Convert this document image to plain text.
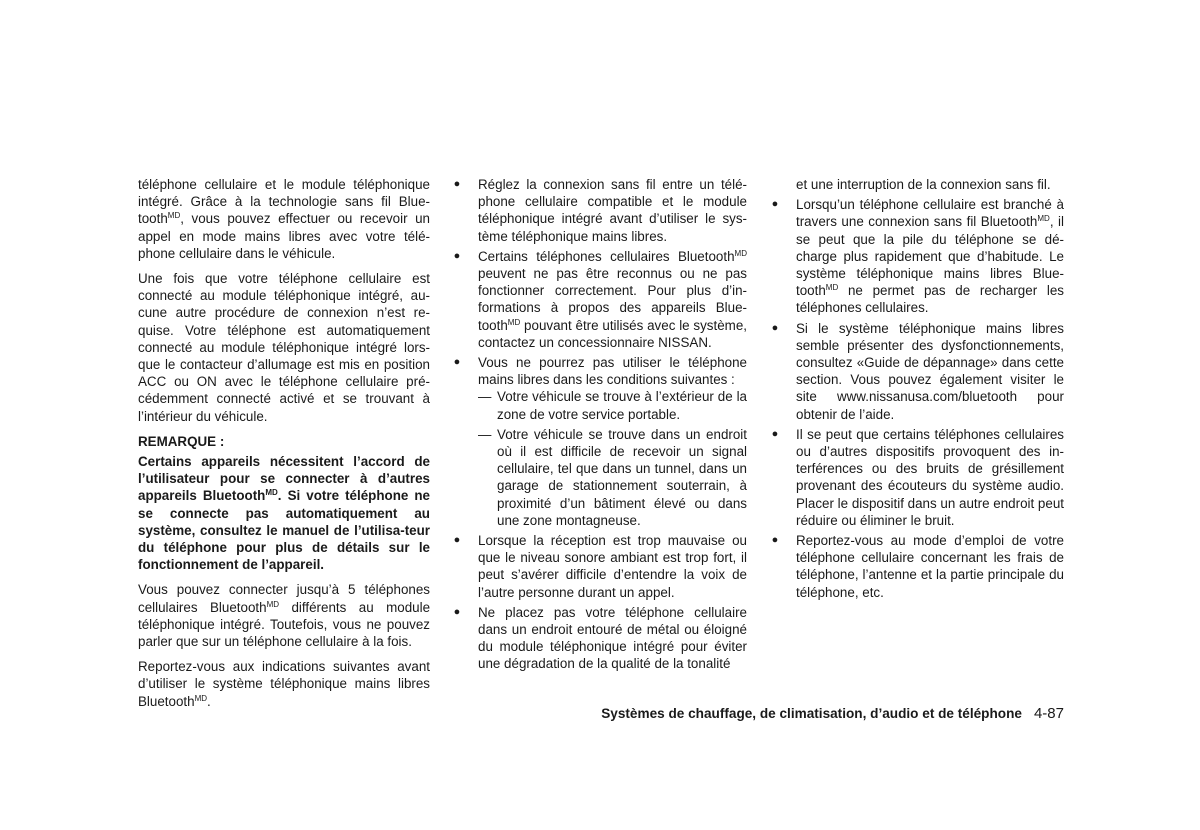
téléphone cellulaire et le module téléphonique intégré. Grâce à la technologie sans fil Blue-tooth$^{MD}$, vous pouvez effectuer ou recevoir un appel en mode mains libres avec votre télé-phone cellulaire dans le véhicule.

Une fois que votre téléphone cellulaire est connecté au module téléphonique intégré, au-cune autre procédure de connexion n’est re-quise. Votre téléphone est automatiquement connecté au module téléphonique intégré lors-que le contacteur d’allumage est mis en position ACC ou ON avec le téléphone cellulaire pré-cédemment connecté activé et se trouvant à l’intérieur du véhicule.

REMARQUE :
Certains appareils nécessitent l’accord de l’utilisateur pour se connecter à d’autres appareils Bluetooth$^{MD}$. Si votre téléphone ne se connecte pas automatiquement au système, consultez le manuel de l’utilisa-teur du téléphone pour plus de détails sur le fonctionnement de l’appareil.

Vous pouvez connecter jusqu’à 5 téléphones cellulaires Bluetooth$^{MD}$ différents au module téléphonique intégré. Toutefois, vous ne pouvez parler que sur un téléphone cellulaire à la fois.

Reportez-vous aux indications suivantes avant d’utiliser le système téléphonique mains libres Bluetooth$^{MD}$.

● Réglez la connexion sans fil entre un télé-phone cellulaire compatible et le module téléphonique intégré avant d’utiliser le sys-tème téléphonique mains libres.
● Certains téléphones cellulaires Bluetooth$^{MD}$ peuvent ne pas être reconnus ou ne pas fonctionner correctement. Pour plus d’in-formations à propos des appareils Blue-tooth$^{MD}$ pouvant être utilisés avec le système, contactez un concessionnaire NISSAN.
● Vous ne pourrez pas utiliser le téléphone mains libres dans les conditions suivantes :
— Votre véhicule se trouve à l’extérieur de la zone de votre service portable.
— Votre véhicule se trouve dans un endroit où il est difficile de recevoir un signal cellulaire, tel que dans un tunnel, dans un garage de stationnement souterrain, à proximité d’un bâtiment élevé ou dans une zone montagneuse.
● Lorsque la réception est trop mauvaise ou que le niveau sonore ambiant est trop fort, il peut s’avérer difficile d’entendre la voix de l’autre personne durant un appel.
● Ne placez pas votre téléphone cellulaire dans un endroit entouré de métal ou éloigné du module téléphonique intégré pour éviter une dégradation de la qualité de la tonalité
et une interruption de la connexion sans fil.
● Lorsqu’un téléphone cellulaire est branché à travers une connexion sans fil Bluetooth$^{MD}$, il se peut que la pile du téléphone se dé-charge plus rapidement que d’habitude. Le système téléphonique mains libres Blue-tooth$^{MD}$ ne permet pas de recharger les téléphones cellulaires.
● Si le système téléphonique mains libres semble présenter des dysfonctionnements, consultez «Guide de dépannage» dans cette section. Vous pouvez également visiter le site www.nissanusa.com/bluetooth pour obtenir de l’aide.
● Il se peut que certains téléphones cellulaires ou d’autres dispositifs provoquent des in-terférences ou des bruits de grésillement provenant des écouteurs du système audio. Placer le dispositif dans un autre endroit peut réduire ou éliminer le bruit.
● Reportez-vous au mode d’emploi de votre téléphone cellulaire concernant les frais de téléphone, l’antenne et la partie principale du téléphone, etc.
Systèmes de chauffage, de climatisation, d’audio et de téléphone 4-87
